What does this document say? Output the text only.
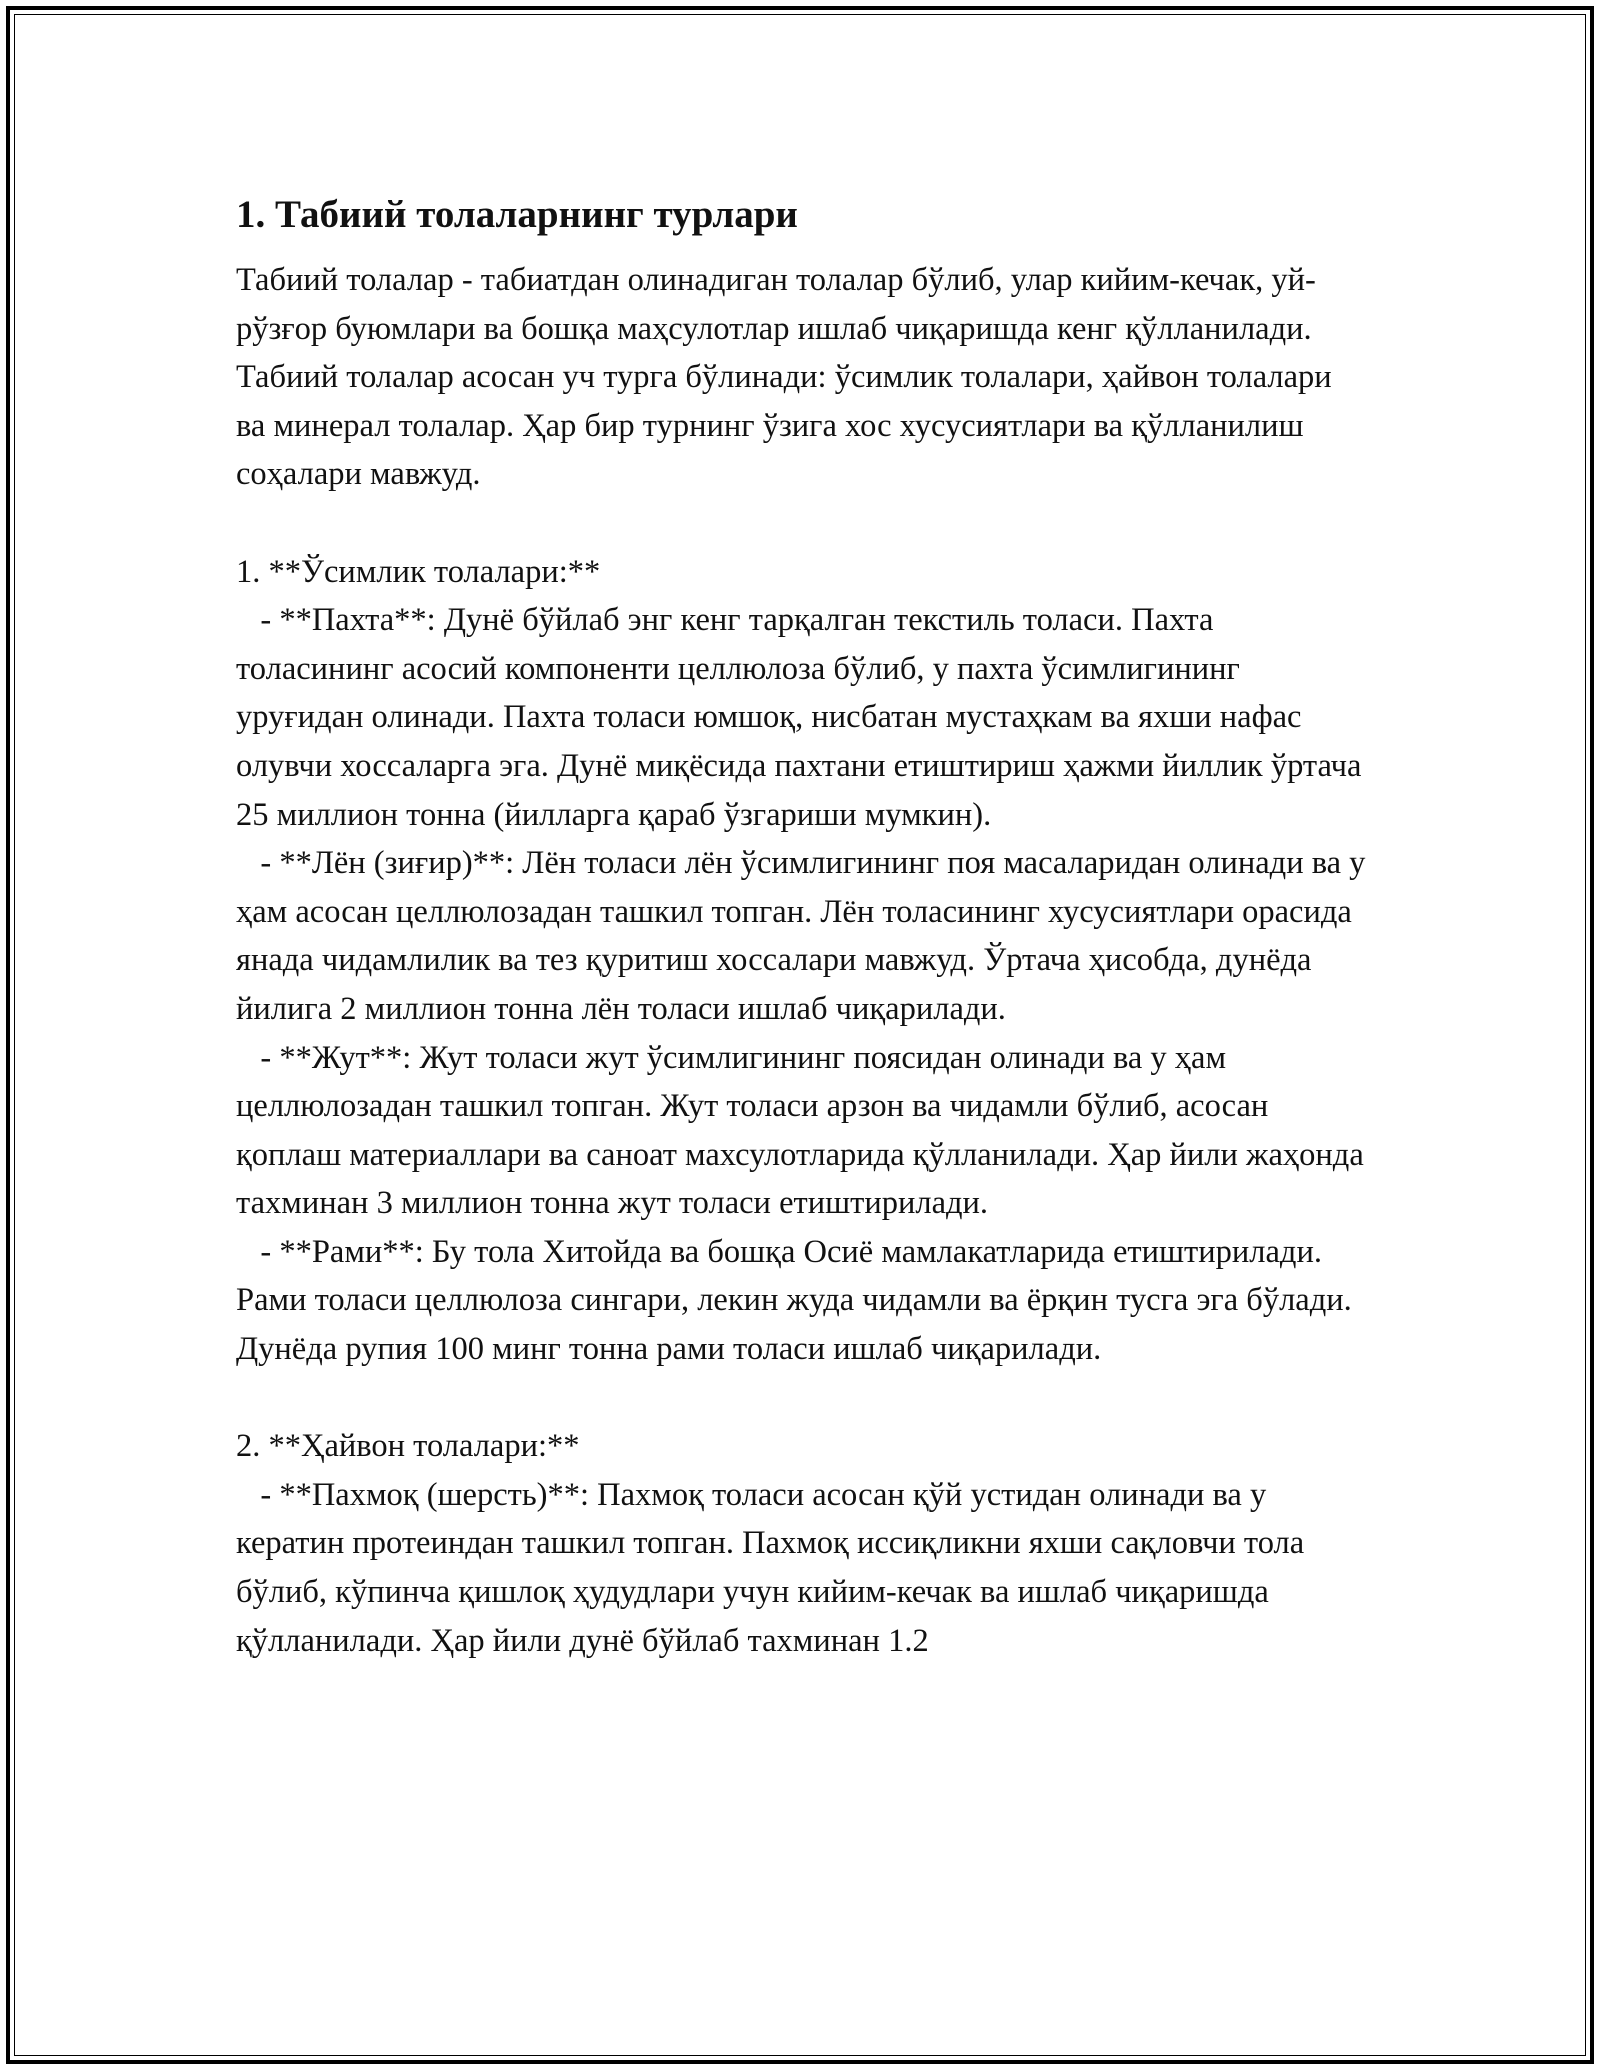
1. Табиий толаларнинг турлари

Табиий толалар - табиатдан олинадиган толалар бўлиб, улар кийим-кечак, уй-рўзғор буюмлари ва бошқа маҳсулотлар ишлаб чиқаришда кенг қўлланилади. Табиий толалар асосан уч турга бўлинади: ўсимлик толалари, ҳайвон толалари ва минерал толалар. Ҳар бир турнинг ўзига хос хусусиятлари ва қўлланилиш соҳалари мавжуд.

1. **Ўсимлик толалари:**

- **Пахта**: Дунё бўйлаб энг кенг тарқалган текстиль толаси. Пахта толасининг асосий компоненти целлюлоза бўлиб, у пахта ўсимлигининг уруғидан олинади. Пахта толаси юмшоқ, нисбатан мустаҳкам ва яхши нафас олувчи хоссаларга эга. Дунё миқёсида пахтани етиштириш ҳажми йиллик ўртача 25 миллион тонна (йилларга қараб ўзгариши мумкин).

- **Лён (зиғир)**: Лён толаси лён ўсимлигининг поя масаларидан олинади ва у ҳам асосан целлюлозадан ташкил топган. Лён толасининг хусусиятлари орасида янада чидамлилик ва тез қуритиш хоссалари мавжуд. Ўртача ҳисобда, дунёда йилига 2 миллион тонна лён толаси ишлаб чиқарилади.

- **Жут**: Жут толаси жут ўсимлигининг поясидан олинади ва у ҳам целлюлозадан ташкил топган. Жут толаси арзон ва чидамли бўлиб, асосан қоплаш материаллари ва саноат махсулотларида қўлланилади. Ҳар йили жаҳонда тахминан 3 миллион тонна жут толаси етиштирилади.

- **Рами**: Бу тола Хитойда ва бошқа Осиё мамлакатларида етиштирилади. Рами толаси целлюлоза сингари, лекин жуда чидамли ва ёрқин тусга эга бўлади. Дунёда рупия 100 минг тонна рами толаси ишлаб чиқарилади.

2. **Ҳайвон толалари:**

- **Пахмоқ (шерсть)**: Пахмоқ толаси асосан қўй устидан олинади ва у кератин протеиндан ташкил топган. Пахмоқ иссиқликни яхши сақловчи тола бўлиб, кўпинча қишлоқ ҳудудлари учун кийим-кечак ва ишлаб чиқаришда қўлланилади. Ҳар йили дунё бўйлаб тахминан 1.2
